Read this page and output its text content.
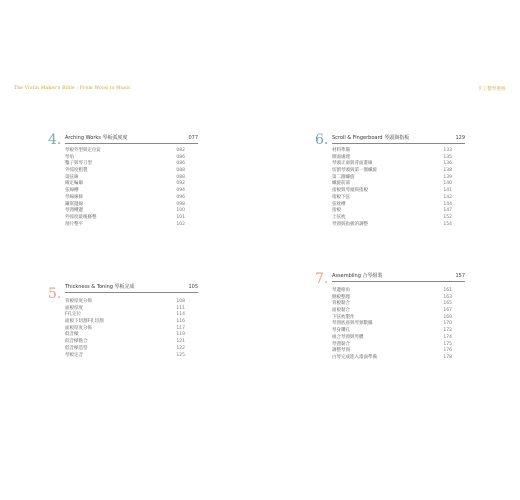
The Violin Maker's Bible : From Wood to Music	手工製琴聖經
4. Arching Works 琴板弧度度	077
琴板外型與定位釘	082
琴角	086
鑿子與琴刀型	086
外弧度粗製	088
第弦線	088
確定輪廓	092
弦線槽	094
琴線線條	096
鑲嵌邊線	098
琴頸槽邊	100
外弧度最後修整	101
刮片整平	102
5. Thickness & Toning 琴板完成	105
背板厚度分佈	108
面板厚度	111
F孔定位	114
面板下切割F孔切割	116
面板厚度分佈	117
低音樑	119
低音樑黏合	121
低音樑造型	122
琴板定音	125
6. Scroll & Fingerboard 琴頭與指板	129
材料準備	133
側面處理	135
琴頭正面與背面畫線	136
切割琴頭與第一圈螺旋	138
第二圈螺旋	139
螺旋前部	140
指板與琴頭與指板	141
指板下弦	142
弦枕槽	144
指板	147
上弦枕	152
琴頸與指板的調整	154
7. Assembling 合琴組裝	157
琴邊條角	161
側板整理	163
背板黏合	165
面板黏合	167
下弦枕製作	169
琴頸底座與琴頸數據	170
琴身鑽孔	172
組合琴頸與琴體	174
琴頸黏合	175
調整琴頸	176
白琴完成進入漆面準備	178
